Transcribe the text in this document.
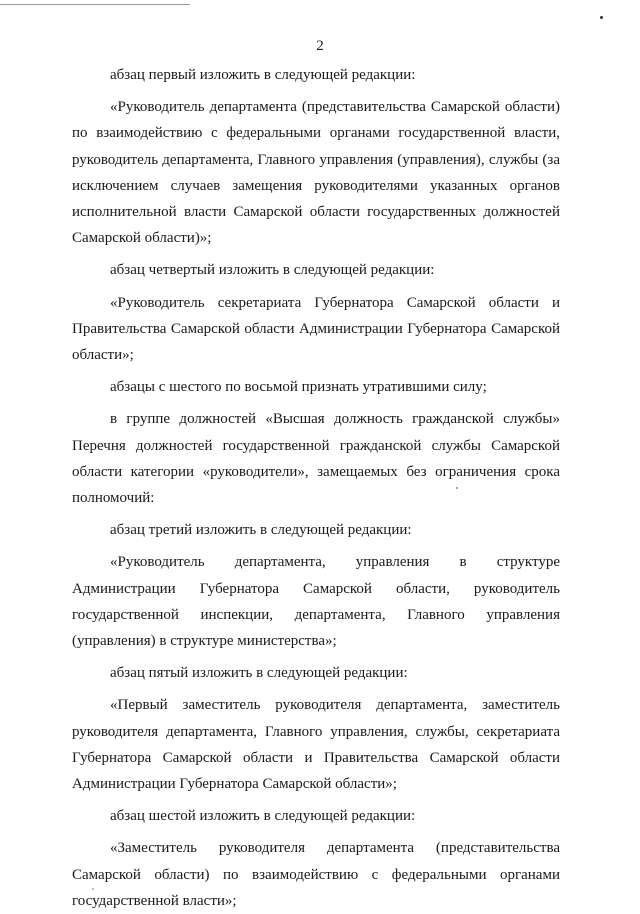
2

абзац первый изложить в следующей редакции:

«Руководитель департамента (представительства Самарской области) по взаимодействию с федеральными органами государственной власти, руководитель департамента, Главного управления (управления), службы (за исключением случаев замещения руководителями указанных органов исполнительной власти Самарской области государственных должностей Самарской области)»;

абзац четвертый изложить в следующей редакции:

«Руководитель секретариата Губернатора Самарской области и Правительства Самарской области Администрации Губернатора Самарской области»;

абзацы с шестого по восьмой признать утратившими силу;

в группе должностей «Высшая должность гражданской службы» Перечня должностей государственной гражданской службы Самарской области категории «руководители», замещаемых без ограничения срока полномочий:

абзац третий изложить в следующей редакции:

«Руководитель департамента, управления в структуре Администрации Губернатора Самарской области, руководитель государственной инспекции, департамента, Главного управления (управления) в структуре министерства»;

абзац пятый изложить в следующей редакции:

«Первый заместитель руководителя департамента, заместитель руководителя департамента, Главного управления, службы, секретариата Губернатора Самарской области и Правительства Самарской области Администрации Губернатора Самарской области»;

абзац шестой изложить в следующей редакции:

«Заместитель руководителя департамента (представительства Самарской области) по взаимодействию с федеральными органами государственной власти»;
